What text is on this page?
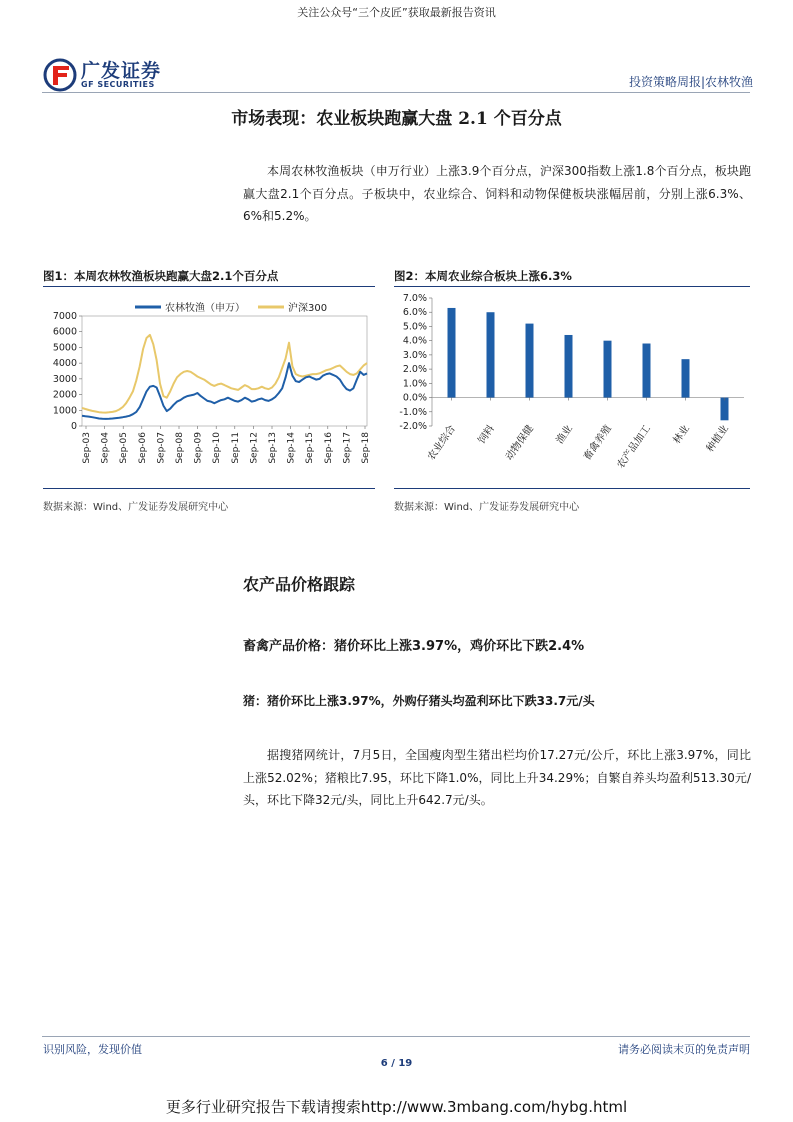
关注公众号“三个皮匠”获取最新报告资讯
广发证券
GF SECURITIES	投资策略周报|农林牧渔
市场表现：农业板块跑赢大盘 2.1 个百分点

本周农林牧渔板块（申万行业）上涨3.9个百分点，沪深300指数上涨1.8个百分点，板块跑赢大盘2.1个百分点。子板块中，农业综合、饲料和动物保健板块涨幅居前，分别上涨6.3%、6%和5.2%。

图1：本周农林牧渔板块跑赢大盘2.1个百分点
0
1000
2000
3000
4000
5000
6000
7000
Sep-03 Sep-04 Sep-05 Sep-06 Sep-07 Sep-08 Sep-09 Sep-10 Sep-11 Sep-12 Sep-13 Sep-14 Sep-15 Sep-16 Sep-17 Sep-18
农林牧渔（申万）	沪深300
数据来源：Wind、广发证券发展研究中心
图2：本周农业综合板块上涨6.3%
7.0%
6.0%
5.0%
4.0%
3.0%
2.0%
1.0%
0.0%
-1.0%
-2.0% 农业综合 饲料 动物保健 渔业 畜禽养殖 农产品加工 林业 种植业
数据来源：Wind、广发证券发展研究中心
农产品价格跟踪
畜禽产品价格：猪价环比上涨3.97%，鸡价环比下跌2.4%
猪：猪价环比上涨3.97%，外购仔猪头均盈利环比下跌33.7元/头

据搜猪网统计，7月5日，全国瘦肉型生猪出栏均价17.27元/公斤，环比上涨3.97%，同比上涨52.02%；猪粮比7.95，环比下降1.0%，同比上升34.29%；自繁自养头均盈利513.30元/头，环比下降32元/头，同比上升642.7元/头。

识别风险，发现价值	请务必阅读末页的免责声明
6 / 19
更多行业研究报告下载请搜索http://www.3mbang.com/hybg.html
